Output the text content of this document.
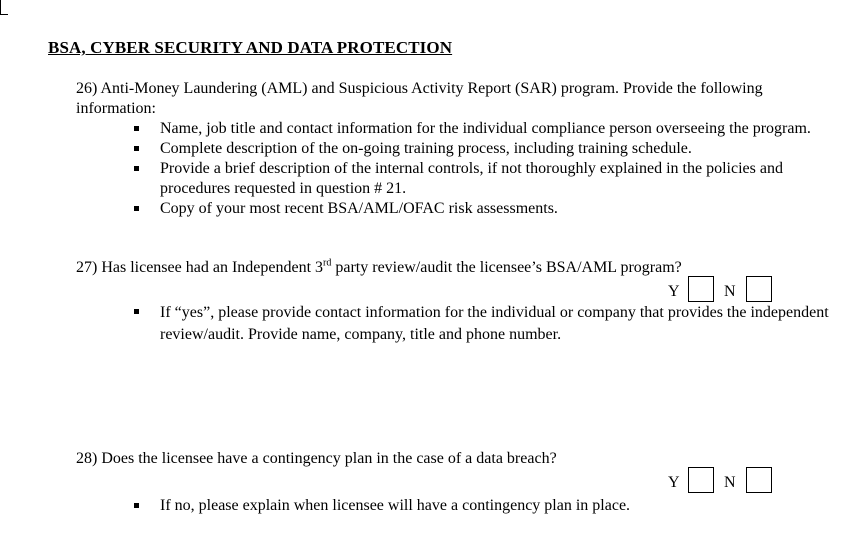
BSA, CYBER SECURITY AND DATA PROTECTION
26) Anti-Money Laundering (AML) and Suspicious Activity Report (SAR) program. Provide the following information:
Name, job title and contact information for the individual compliance person overseeing the program.
Complete description of the on-going training process, including training schedule.
Provide a brief description of the internal controls, if not thoroughly explained in the policies and procedures requested in question # 21.
Copy of your most recent BSA/AML/OFAC risk assessments.
27) Has licensee had an Independent 3rd party review/audit the licensee’s BSA/AML program?
Y	N
If “yes”, please provide contact information for the individual or company that provides the independent review/audit. Provide name, company, title and phone number.
28) Does the licensee have a contingency plan in the case of a data breach?
Y	N
If no, please explain when licensee will have a contingency plan in place.
